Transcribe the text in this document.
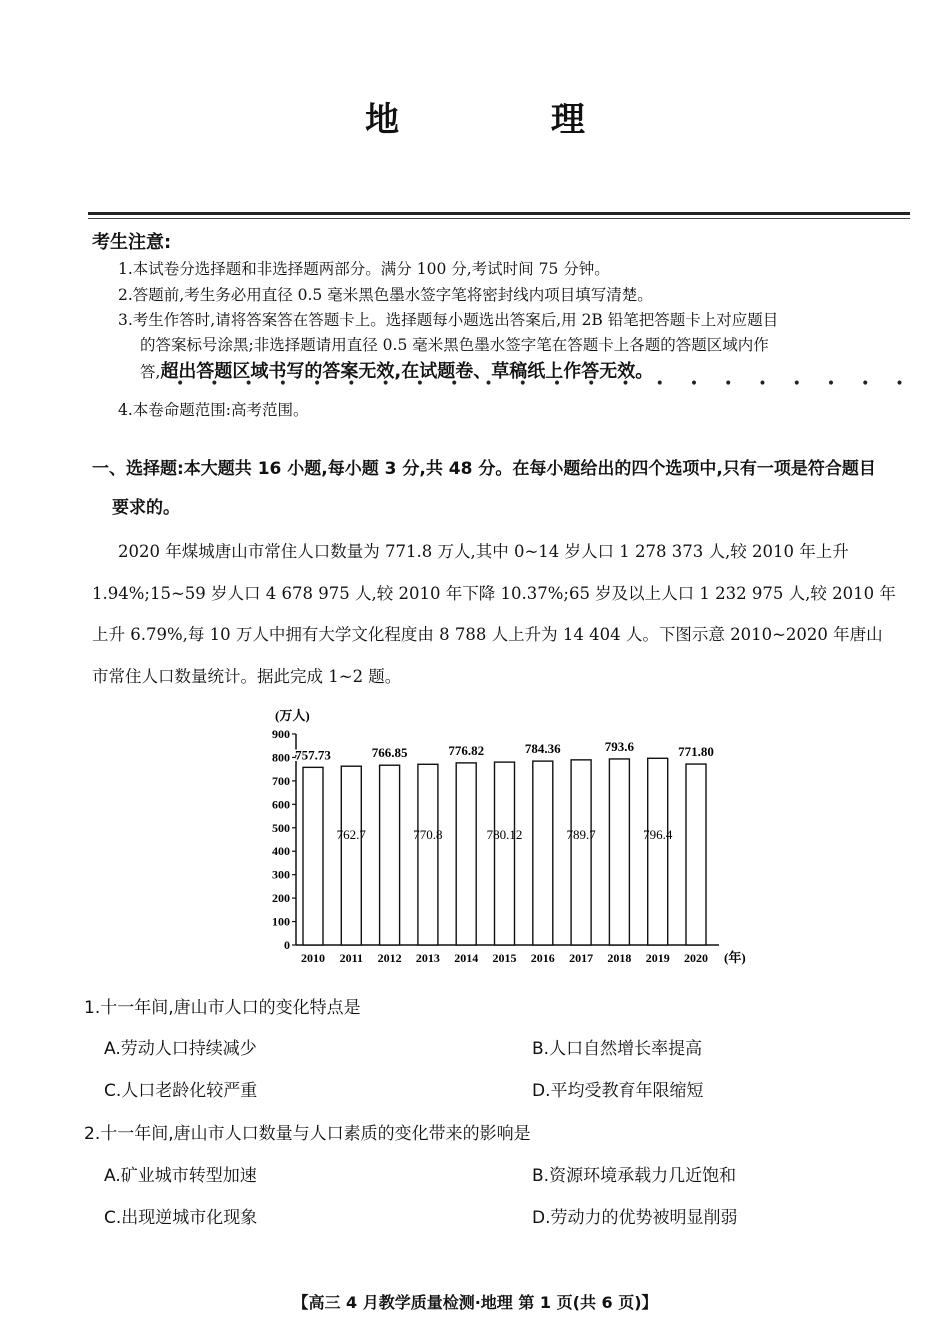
地 理
考生注意:
1.本试卷分选择题和非选择题两部分。满分 100 分,考试时间 75 分钟。
2.答题前,考生务必用直径 0.5 毫米黑色墨水签字笔将密封线内项目填写清楚。
3.考生作答时,请将答案答在答题卡上。选择题每小题选出答案后,用 2B 铅笔把答题卡上对应题目
的答案标号涂黑;非选择题请用直径 0.5 毫米黑色墨水签字笔在答题卡上各题的答题区域内作
答,超出答题区域书写的答案无效,在试题卷、草稿纸上作答无效。
••••••••••••••••••••••
4.本卷命题范围:高考范围。
一、选择题:本大题共 16 小题,每小题 3 分,共 48 分。在每小题给出的四个选项中,只有一项是符合题目
要求的。
2020 年煤城唐山市常住人口数量为 771.8 万人,其中 0~14 岁人口 1 278 373 人,较 2010 年上升
1.94%;15~59 岁人口 4 678 975 人,较 2010 年下降 10.37%;65 岁及以上人口 1 232 975 人,较 2010 年
上升 6.79%,每 10 万人中拥有大学文化程度由 8 788 人上升为 14 404 人。下图示意 2010~2020 年唐山
市常住人口数量统计。据此完成 1~2 题。
(万人)
(年)
0
100
200
300
400
500
600
700
800
900
2010
757.73
2011
762.7
2012
766.85
2013
770.8
2014
776.82
2015
780.12
2016
784.36
2017
789.7
2018
793.6
2019
796.4
2020
771.80
1.十一年间,唐山市人口的变化特点是
A.劳动人口持续减少	B.人口自然增长率提高
C.人口老龄化较严重	D.平均受教育年限缩短
2.十一年间,唐山市人口数量与人口素质的变化带来的影响是
A.矿业城市转型加速	B.资源环境承载力几近饱和
C.出现逆城市化现象	D.劳动力的优势被明显削弱
【高三 4 月教学质量检测·地理 第 1 页(共 6 页)】
